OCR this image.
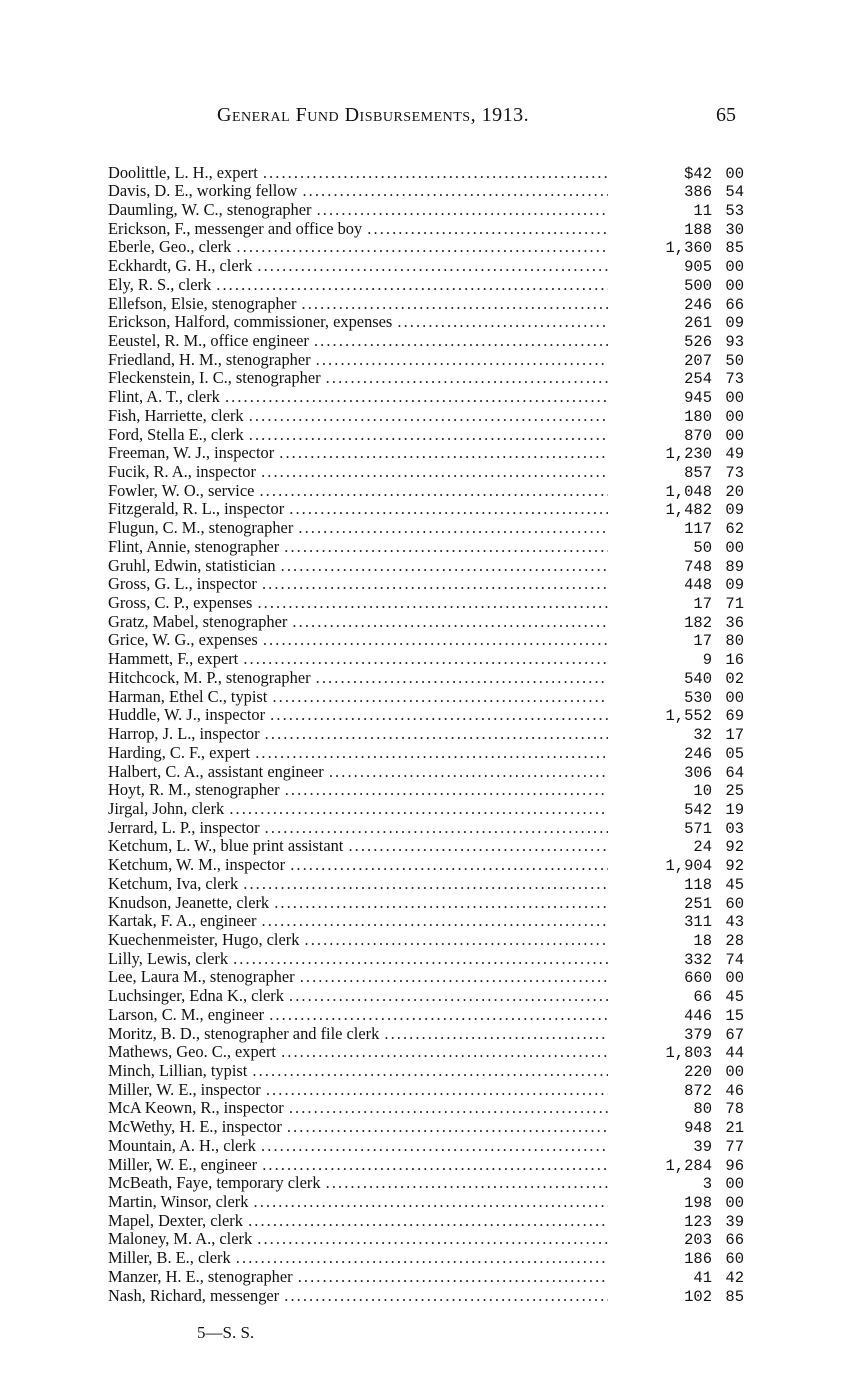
General Fund Disbursements, 1913.	65
Doolittle, L. H., expert . . .	$42 00
Davis, D. E., working fellow . . .	386 54
Daumling, W. C., stenographer . . .	11 53
Erickson, F., messenger and office boy . . .	188 30
Eberle, Geo., clerk . . .	1,360 85
Eckhardt, G. H., clerk . . .	905 00
Ely, R. S., clerk . . .	500 00
Ellefson, Elsie, stenographer . . .	246 66
Erickson, Halford, commissioner, expenses . . .	261 09
Eeustel, R. M., office engineer . . .	526 93
Friedland, H. M., stenographer . . .	207 50
Fleckenstein, I. C., stenographer . . .	254 73
Flint, A. T., clerk . . .	945 00
Fish, Harriette, clerk . . .	180 00
Ford, Stella E., clerk . . .	870 00
Freeman, W. J., inspector . . .	1,230 49
Fucik, R. A., inspector . . .	857 73
Fowler, W. O., service . . .	1,048 20
Fitzgerald, R. L., inspector . . .	1,482 09
Flugun, C. M., stenographer . . .	117 62
Flint, Annie, stenographer . . .	50 00
Gruhl, Edwin, statistician . . .	748 89
Gross, G. L., inspector . . .	448 09
Gross, C. P., expenses . . .	17 71
Gratz, Mabel, stenographer . . .	182 36
Grice, W. G., expenses . . .	17 80
Hammett, F., expert . . .	9 16
Hitchcock, M. P., stenographer . . .	540 02
Harman, Ethel C., typist . . .	530 00
Huddle, W. J., inspector . . .	1,552 69
Harrop, J. L., inspector . . .	32 17
Harding, C. F., expert . . .	246 05
Halbert, C. A., assistant engineer . . .	306 64
Hoyt, R. M., stenographer . . .	10 25
Jirgal, John, clerk . . .	542 19
Jerrard, L. P., inspector . . .	571 03
Ketchum, L. W., blue print assistant . . .	24 92
Ketchum, W. M., inspector . . .	1,904 92
Ketchum, Iva, clerk . . .	118 45
Knudson, Jeanette, clerk . . .	251 60
Kartak, F. A., engineer . . .	311 43
Kuechenmeister, Hugo, clerk . . .	18 28
Lilly, Lewis, clerk . . .	332 74
Lee, Laura M., stenographer . . .	660 00
Luchsinger, Edna K., clerk . . .	66 45
Larson, C. M., engineer . . .	446 15
Moritz, B. D., stenographer and file clerk . . .	379 67
Mathews, Geo. C., expert . . .	1,803 44
Minch, Lillian, typist . . .	220 00
Miller, W. E., inspector . . .	872 46
McA Keown, R., inspector . . .	80 78
McWethy, H. E., inspector . . .	948 21
Mountain, A. H., clerk . . .	39 77
Miller, W. E., engineer . . .	1,284 96
McBeath, Faye, temporary clerk . . .	3 00
Martin, Winsor, clerk . . .	198 00
Mapel, Dexter, clerk . . .	123 39
Maloney, M. A., clerk . . .	203 66
Miller, B. E., clerk . . .	186 60
Manzer, H. E., stenographer . . .	41 42
Nash, Richard, messenger . . .	102 85
5—S. S.
